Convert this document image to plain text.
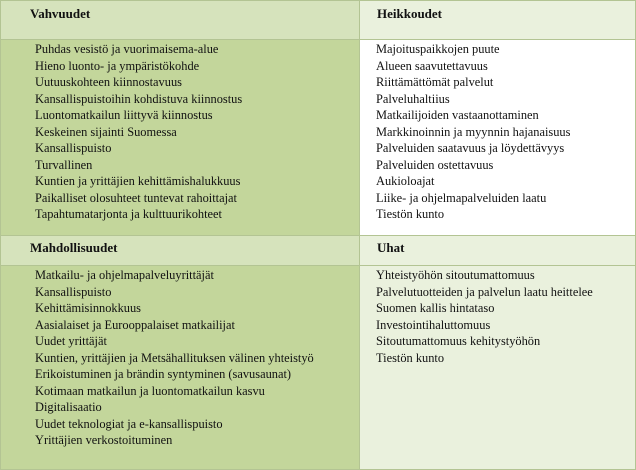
Vahvuudet
Puhdas vesistö ja vuorimaisema-alue
Hieno luonto- ja ympäristökohde
Uutuuskohteen kiinnostavuus
Kansallispuistoihin kohdistuva kiinnostus
Luontomatkailun liittyvä kiinnostus
Keskeinen sijainti Suomessa
Kansallispuisto
Turvallinen
Kuntien ja yrittäjien kehittämishalukkuus
Paikalliset olosuhteet tuntevat rahoittajat
Tapahtumatarjonta ja kulttuurikohteet
Heikkoudet
Majoituspaikkojen puute
Alueen saavutettavuus
Riittämättömät palvelut
Palveluhaltiius
Matkailijoiden vastaanottaminen
Markkinoinnin ja myynnin hajanaisuus
Palveluiden saatavuus ja löydettävyys
Palveluiden ostettavuus
Aukioloajat
Liike- ja ohjelmapalveluiden laatu
Tiestön kunto
Mahdollisuudet
Matkailu- ja ohjelmapalveluyrittäjät
Kansallispuisto
Kehittämisinnokkuus
Aasialaiset ja Eurooppalaiset matkailijat
Uudet yrittäjät
Kuntien, yrittäjien ja Metsähallituksen välinen yhteistyö
Erikoistuminen ja brändin syntyminen (savusaunat)
Kotimaan matkailun ja luontomatkailun kasvu
Digitalisaatio
Uudet teknologiat ja e-kansallispuisto
Yrittäjien verkostoituminen
Uhat
Yhteistyöhön sitoutumattomuus
Palvelutuotteiden ja palvelun laatu heittelee
Suomen kallis hintataso
Investointihaluttomuus
Sitoutumattomuus kehitystyöhön
Tiestön kunto
